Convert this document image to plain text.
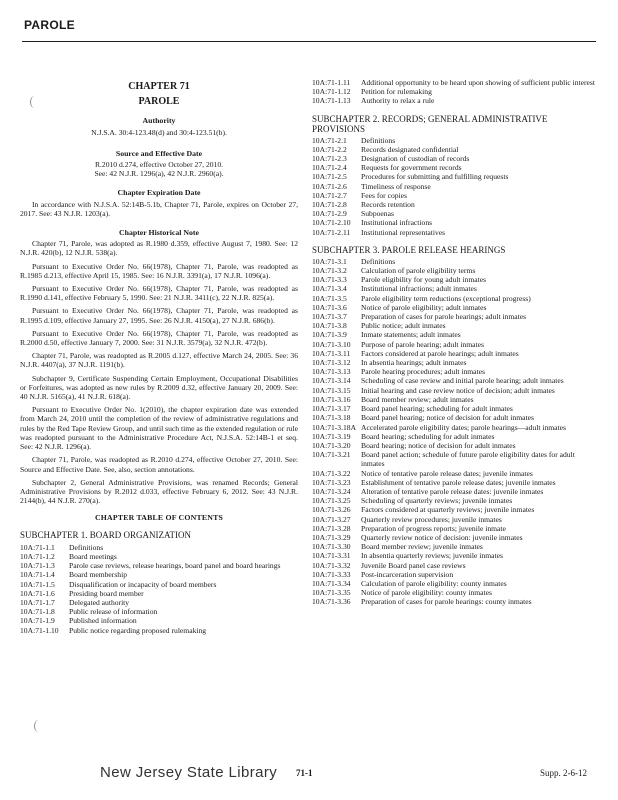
PAROLE
CHAPTER 71
PAROLE
Authority
N.J.S.A. 30:4-123.48(d) and 30:4-123.51(b).
Source and Effective Date
R.2010 d.274, effective October 27, 2010.
See: 42 N.J.R. 1296(a), 42 N.J.R. 2960(a).
Chapter Expiration Date

In accordance with N.J.S.A. 52:14B-5.1b, Chapter 71, Parole, expires on October 27, 2017. See: 43 N.J.R. 1203(a).

Chapter Historical Note

Chapter 71, Parole, was adopted as R.1980 d.359, effective August 7, 1980. See: 12 N.J.R. 420(b), 12 N.J.R. 538(a).

Pursuant to Executive Order No. 66(1978), Chapter 71, Parole, was readopted as R.1985 d.213, effective April 15, 1985. See: 16 N.J.R. 3391(a), 17 N.J.R. 1096(a).

Pursuant to Executive Order No. 66(1978), Chapter 71, Parole, was readopted as R.1990 d.141, effective February 5, 1990. See: 21 N.J.R. 3411(c), 22 N.J.R. 825(a).

Pursuant to Executive Order No. 66(1978), Chapter 71, Parole, was readopted as R.1995 d.109, effective January 27, 1995. See: 26 N.J.R. 4150(a), 27 N.J.R. 686(b).

Pursuant to Executive Order No. 66(1978), Chapter 71, Parole, was readopted as R.2000 d.50, effective January 7, 2000. See: 31 N.J.R. 3579(a), 32 N.J.R. 472(b).

Chapter 71, Parole, was readopted as R.2005 d.127, effective March 24, 2005. See: 36 N.J.R. 4407(a), 37 N.J.R. 1191(b).

Subchapter 9, Certificate Suspending Certain Employment, Occupational Disabilities or Forfeitures, was adopted as new rules by R.2009 d.32, effective January 20, 2009. See: 40 N.J.R. 5165(a), 41 N.J.R. 618(a).

Pursuant to Executive Order No. 1(2010), the chapter expiration date was extended from March 24, 2010 until the completion of the review of administrative regulations and rules by the Red Tape Review Group, and until such time as the extended regulation or rule was readopted pursuant to the Administrative Procedure Act, N.J.S.A. 52:14B-1 et seq. See: 42 N.J.R. 1296(a).

Chapter 71, Parole, was readopted as R.2010 d.274, effective October 27, 2010. See: Source and Effective Date. See, also, section annotations.

Subchapter 2, General Administrative Provisions, was renamed Records; General Administrative Provisions by R.2012 d.033, effective February 6, 2012. See: 43 N.J.R. 2144(b), 44 N.J.R. 270(a).

CHAPTER TABLE OF CONTENTS
SUBCHAPTER 1. BOARD ORGANIZATION
10A:71-1.1	Definitions
10A:71-1.2	Board meetings
10A:71-1.3	Parole case reviews, release hearings, board panel and board hearings
10A:71-1.4	Board membership
10A:71-1.5	Disqualification or incapacity of board members
10A:71-1.6	Presiding board member
10A:71-1.7	Delegated authority
10A:71-1.8	Public release of information
10A:71-1.9	Published information
10A:71-1.10	Public notice regarding proposed rulemaking
10A:71-1.11	Additional opportunity to be heard upon showing of sufficient public interest
10A:71-1.12	Petition for rulemaking
10A:71-1.13	Authority to relax a rule
SUBCHAPTER 2. RECORDS; GENERAL ADMINISTRATIVE PROVISIONS
10A:71-2.1	Definitions
10A:71-2.2	Records designated confidential
10A:71-2.3	Designation of custodian of records
10A:71-2.4	Requests for government records
10A:71-2.5	Procedures for submitting and fulfilling requests
10A:71-2.6	Timeliness of response
10A:71-2.7	Fees for copies
10A:71-2.8	Records retention
10A:71-2.9	Subpoenas
10A:71-2.10	Institutional infractions
10A:71-2.11	Institutional representatives
SUBCHAPTER 3. PAROLE RELEASE HEARINGS
10A:71-3.1	Definitions
10A:71-3.2	Calculation of parole eligibility terms
10A:71-3.3	Parole eligibility for young adult inmates
10A:71-3.4	Institutional infractions; adult inmates
10A:71-3.5	Parole eligibility term reductions (exceptional progress)
10A:71-3.6	Notice of parole eligibility; adult inmates
10A:71-3.7	Preparation of cases for parole hearings; adult inmates
10A:71-3.8	Public notice; adult inmates
10A:71-3.9	Inmate statements; adult inmates
10A:71-3.10	Purpose of parole hearing; adult inmates
10A:71-3.11	Factors considered at parole hearings; adult inmates
10A:71-3.12	In absentia hearings; adult inmates
10A:71-3.13	Parole hearing procedures; adult inmates
10A:71-3.14	Scheduling of case review and initial parole hearing; adult inmates
10A:71-3.15	Initial hearing and case review notice of decision; adult inmates
10A:71-3.16	Board member review; adult inmates
10A:71-3.17	Board panel hearing; scheduling for adult inmates
10A:71-3.18	Board panel hearing; notice of decision for adult inmates
10A:71-3.18A Accelerated parole eligibility dates; parole hearings—adult inmates
10A:71-3.19	Board hearing; scheduling for adult inmates
10A:71-3.20	Board hearing; notice of decision for adult inmates
10A:71-3.21	Board panel action; schedule of future parole eligibility dates for adult inmates
10A:71-3.22	Notice of tentative parole release dates; juvenile inmates
10A:71-3.23	Establishment of tentative parole release dates; juvenile inmates
10A:71-3.24	Alteration of tentative parole release dates: juvenile inmates
10A:71-3.25	Scheduling of quarterly reviews; juvenile inmates
10A:71-3.26	Factors considered at quarterly reviews; juvenile inmates
10A:71-3.27	Quarterly review procedures; juvenile inmates
10A:71-3.28	Preparation of progress reports; juvenile inmate
10A:71-3.29	Quarterly review notice of decision: juvenile inmates
10A:71-3.30	Board member review; juvenile inmates
10A:71-3.31	In absentia quarterly reviews; juvenile inmates
10A:71-3.32	Juvenile Board panel case reviews
10A:71-3.33	Post-incarceration supervision
10A:71-3.34	Calculation of parole eligibility: county inmates
10A:71-3.35	Notice of parole eligibility: county inmates
10A:71-3.36	Preparation of cases for parole hearings: county inmates
New Jersey State Library 71-1	Supp. 2-6-12
